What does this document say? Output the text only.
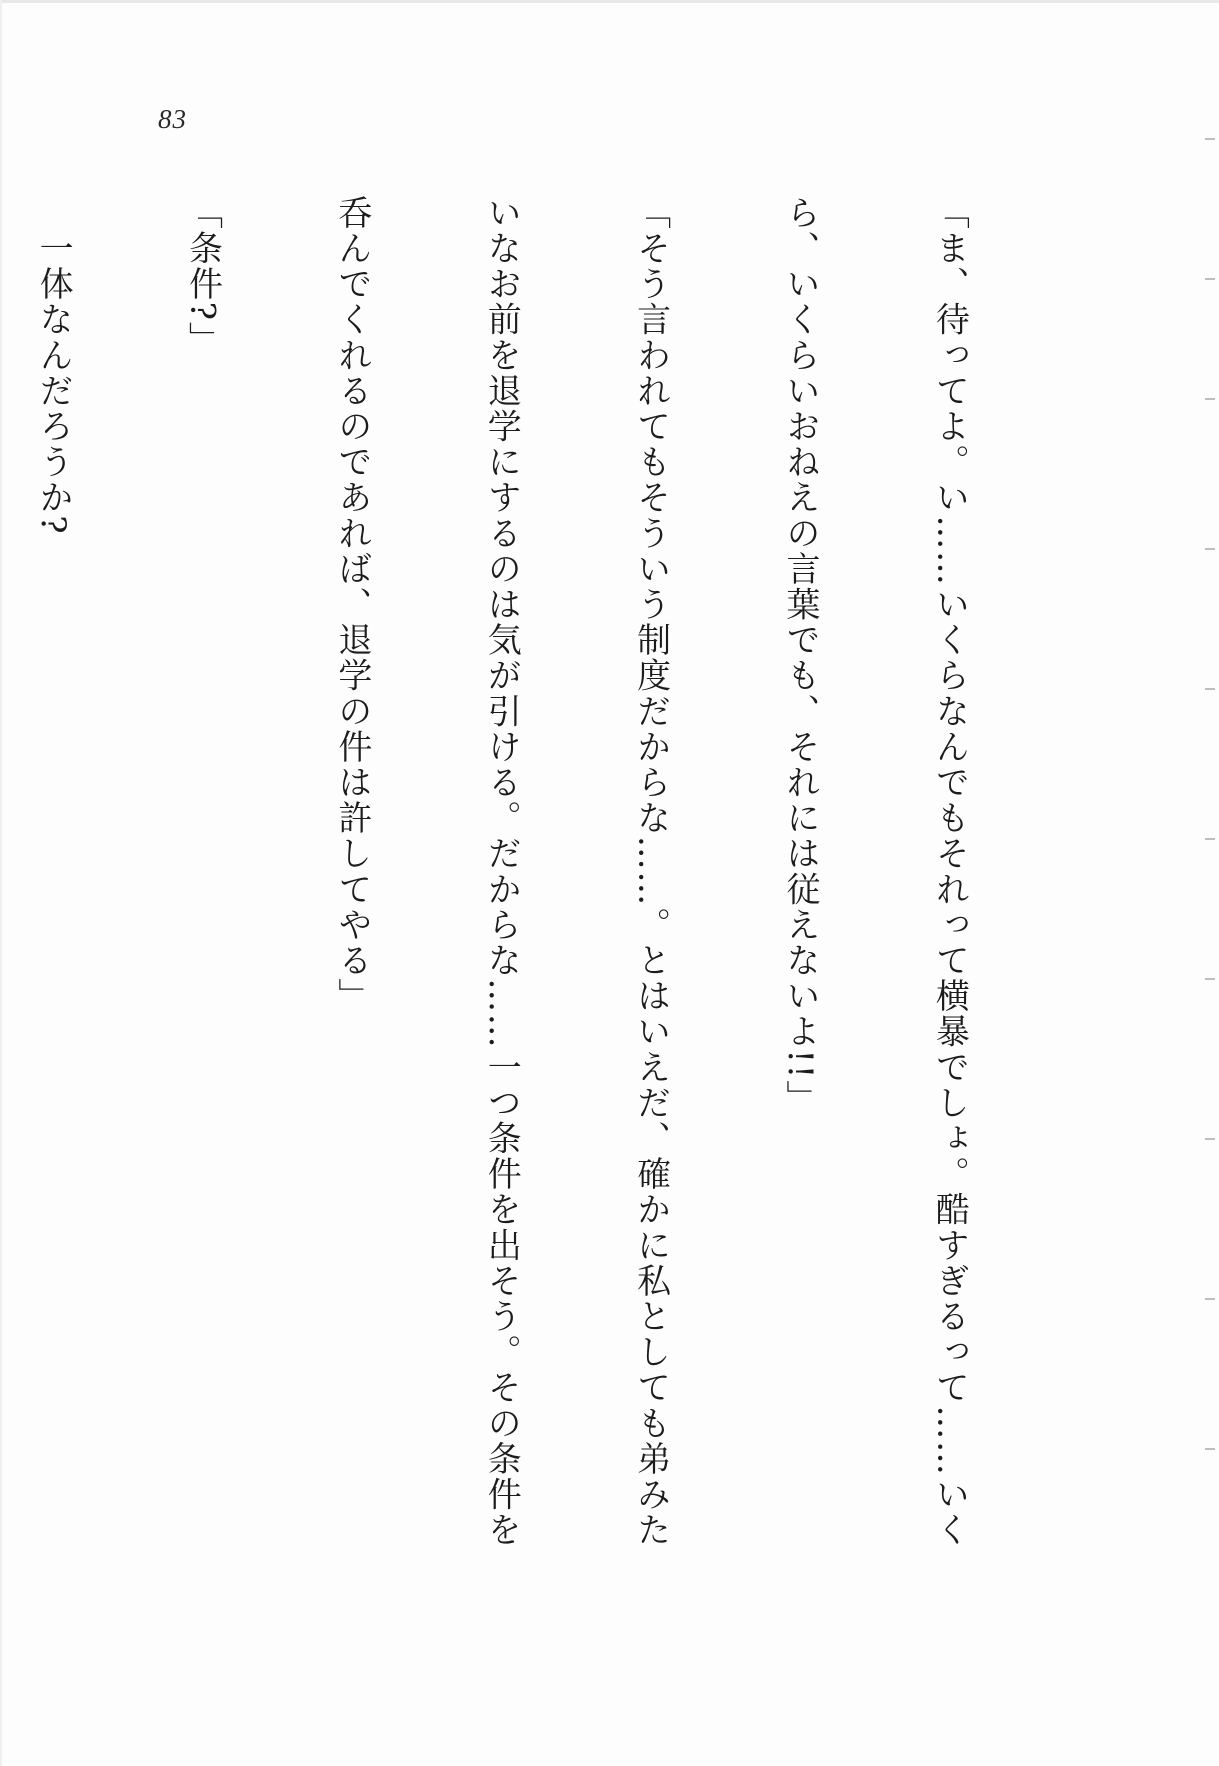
83

「ま、待ってよ。い……いくらなんでもそれって横暴でしょ。酷すぎるって……いく

ら、いくらいおねえの言葉でも、それには従えないよ!!」

「そう言われてもそういう制度だからな……。とはいえだ、確かに私としても弟みた

いなお前を退学にするのは気が引ける。だからな……一つ条件を出そう。その条件を

呑んでくれるのであれば、退学の件は許してやる」

「条件?」

　一体なんだろうか?
